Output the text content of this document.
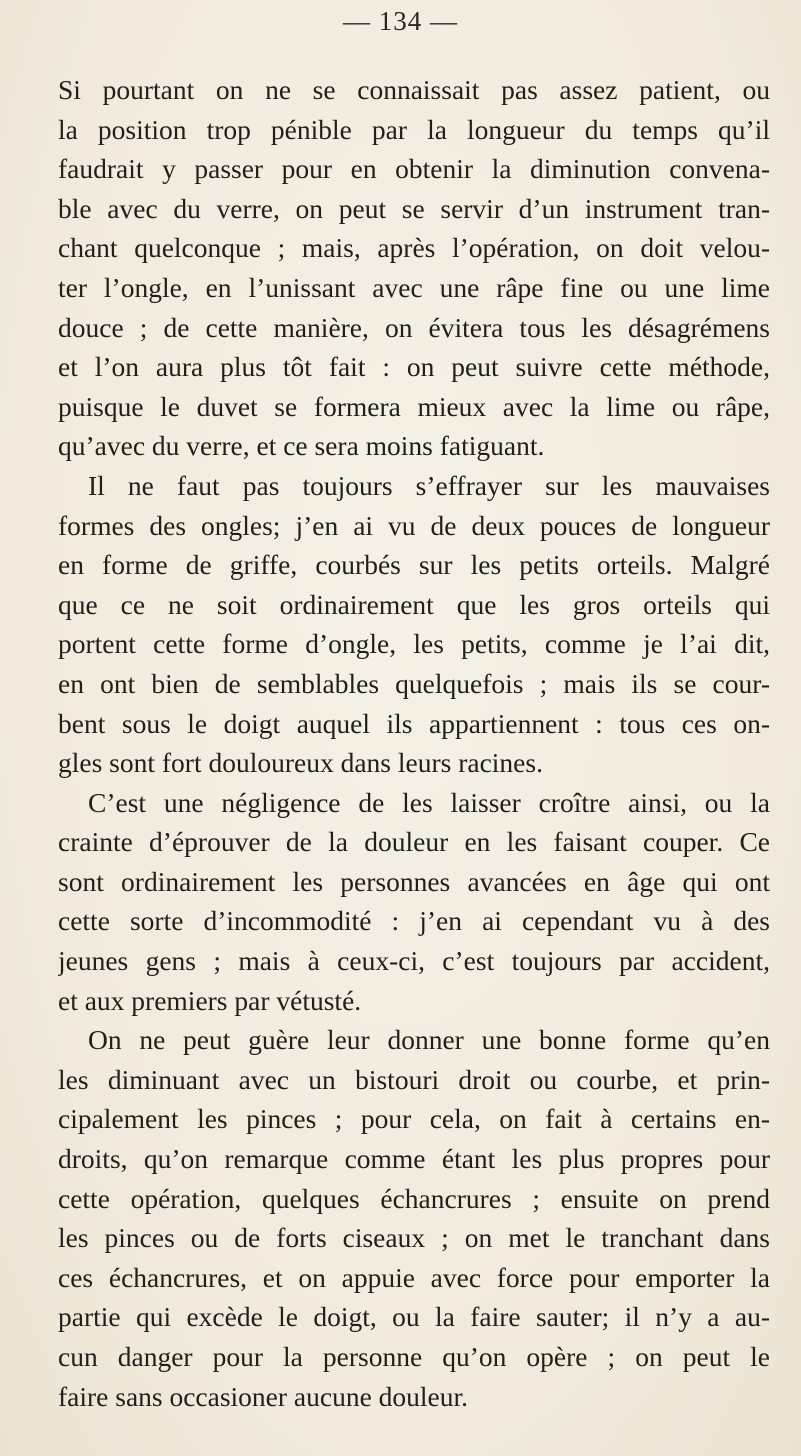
— 134 —
Si pourtant on ne se connaissait pas assez patient, ou
la position trop pénible par la longueur du temps qu’il
faudrait y passer pour en obtenir la diminution convena-
ble avec du verre, on peut se servir d’un instrument tran-
chant quelconque ; mais, après l’opération, on doit velou-
ter l’ongle, en l’unissant avec une râpe fine ou une lime
douce ; de cette manière, on évitera tous les désagrémens
et l’on aura plus tôt fait : on peut suivre cette méthode,
puisque le duvet se formera mieux avec la lime ou râpe,
qu’avec du verre, et ce sera moins fatiguant.
Il ne faut pas toujours s’effrayer sur les mauvaises
formes des ongles; j’en ai vu de deux pouces de longueur
en forme de griffe, courbés sur les petits orteils. Malgré
que ce ne soit ordinairement que les gros orteils qui
portent cette forme d’ongle, les petits, comme je l’ai dit,
en ont bien de semblables quelquefois ; mais ils se cour-
bent sous le doigt auquel ils appartiennent : tous ces on-
gles sont fort douloureux dans leurs racines.
C’est une négligence de les laisser croître ainsi, ou la
crainte d’éprouver de la douleur en les faisant couper. Ce
sont ordinairement les personnes avancées en âge qui ont
cette sorte d’incommodité : j’en ai cependant vu à des
jeunes gens ; mais à ceux-ci, c’est toujours par accident,
et aux premiers par vétusté.
On ne peut guère leur donner une bonne forme qu’en
les diminuant avec un bistouri droit ou courbe, et prin-
cipalement les pinces ; pour cela, on fait à certains en-
droits, qu’on remarque comme étant les plus propres pour
cette opération, quelques échancrures ; ensuite on prend
les pinces ou de forts ciseaux ; on met le tranchant dans
ces échancrures, et on appuie avec force pour emporter la
partie qui excède le doigt, ou la faire sauter; il n’y a au-
cun danger pour la personne qu’on opère ; on peut le
faire sans occasioner aucune douleur.
